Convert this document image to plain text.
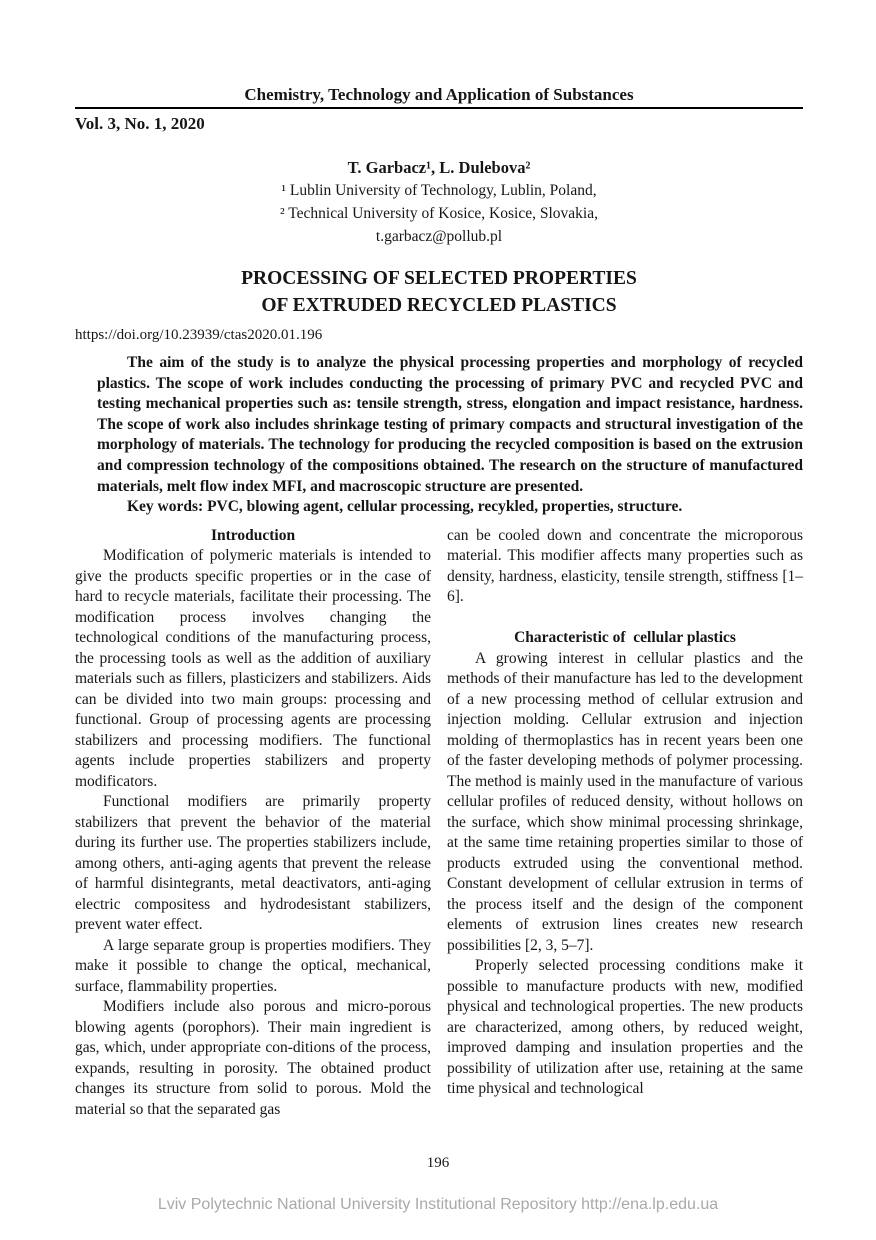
Chemistry, Technology and Application of Substances
Vol. 3, No. 1, 2020
T. Garbacz¹, L. Dulebova²
¹ Lublin University of Technology, Lublin, Poland,
² Technical University of Kosice, Kosice, Slovakia,
t.garbacz@pollub.pl
PROCESSING OF SELECTED PROPERTIES
OF EXTRUDED RECYCLED PLASTICS
https://doi.org/10.23939/ctas2020.01.196

The aim of the study is to analyze the physical processing properties and morphology of recycled plastics. The scope of work includes conducting the processing of primary PVC and recycled PVC and testing mechanical properties such as: tensile strength, stress, elongation and impact resistance, hardness. The scope of work also includes shrinkage testing of primary compacts and structural investigation of the morphology of materials. The technology for producing the recycled composition is based on the extrusion and compression technology of the compositions obtained. The research on the structure of manufactured materials, melt flow index MFI, and macroscopic structure are presented.

Key words: PVC, blowing agent, cellular processing, recykled, properties, structure.

Introduction

Modification of polymeric materials is intended to give the products specific properties or in the case of hard to recycle materials, facilitate their processing. The modification process involves changing the technological conditions of the manufacturing process, the processing tools as well as the addition of auxiliary materials such as fillers, plasticizers and stabilizers. Aids can be divided into two main groups: processing and functional. Group of processing agents are processing stabilizers and processing modifiers. The functional agents include properties stabilizers and property modificators.

Functional modifiers are primarily property stabilizers that prevent the behavior of the material during its further use. The properties stabilizers include, among others, anti-aging agents that prevent the release of harmful disintegrants, metal deactivators, anti-aging electric compositess and hydrodesistant stabilizers, prevent water effect.

A large separate group is properties modifiers. They make it possible to change the optical, mechanical, surface, flammability properties.

Modifiers include also porous and micro-porous blowing agents (porophors). Their main ingredient is gas, which, under appropriate con-ditions of the process, expands, resulting in porosity. The obtained product changes its structure from solid to porous. Mold the material so that the separated gas

can be cooled down and concentrate the microporous material. This modifier affects many properties such as density, hardness, elasticity, tensile strength, stiffness [1–6].

Characteristic of  cellular plastics

A growing interest in cellular plastics and the methods of their manufacture has led to the development of a new processing method of cellular extrusion and injection molding. Cellular extrusion and injection molding of thermoplastics has in recent years been one of the faster developing methods of polymer processing. The method is mainly used in the manufacture of various cellular profiles of reduced density, without hollows on the surface, which show minimal processing shrinkage, at the same time retaining properties similar to those of products extruded using the conventional method. Constant development of cellular extrusion in terms of the process itself and the design of the component elements of extrusion lines creates new research possibilities [2, 3, 5–7].

Properly selected processing conditions make it possible to manufacture products with new, modified physical and technological properties. The new products are characterized, among others, by reduced weight, improved damping and insulation properties and the possibility of utilization after use, retaining at the same time physical and technological

196
Lviv Polytechnic National University Institutional Repository http://ena.lp.edu.ua
